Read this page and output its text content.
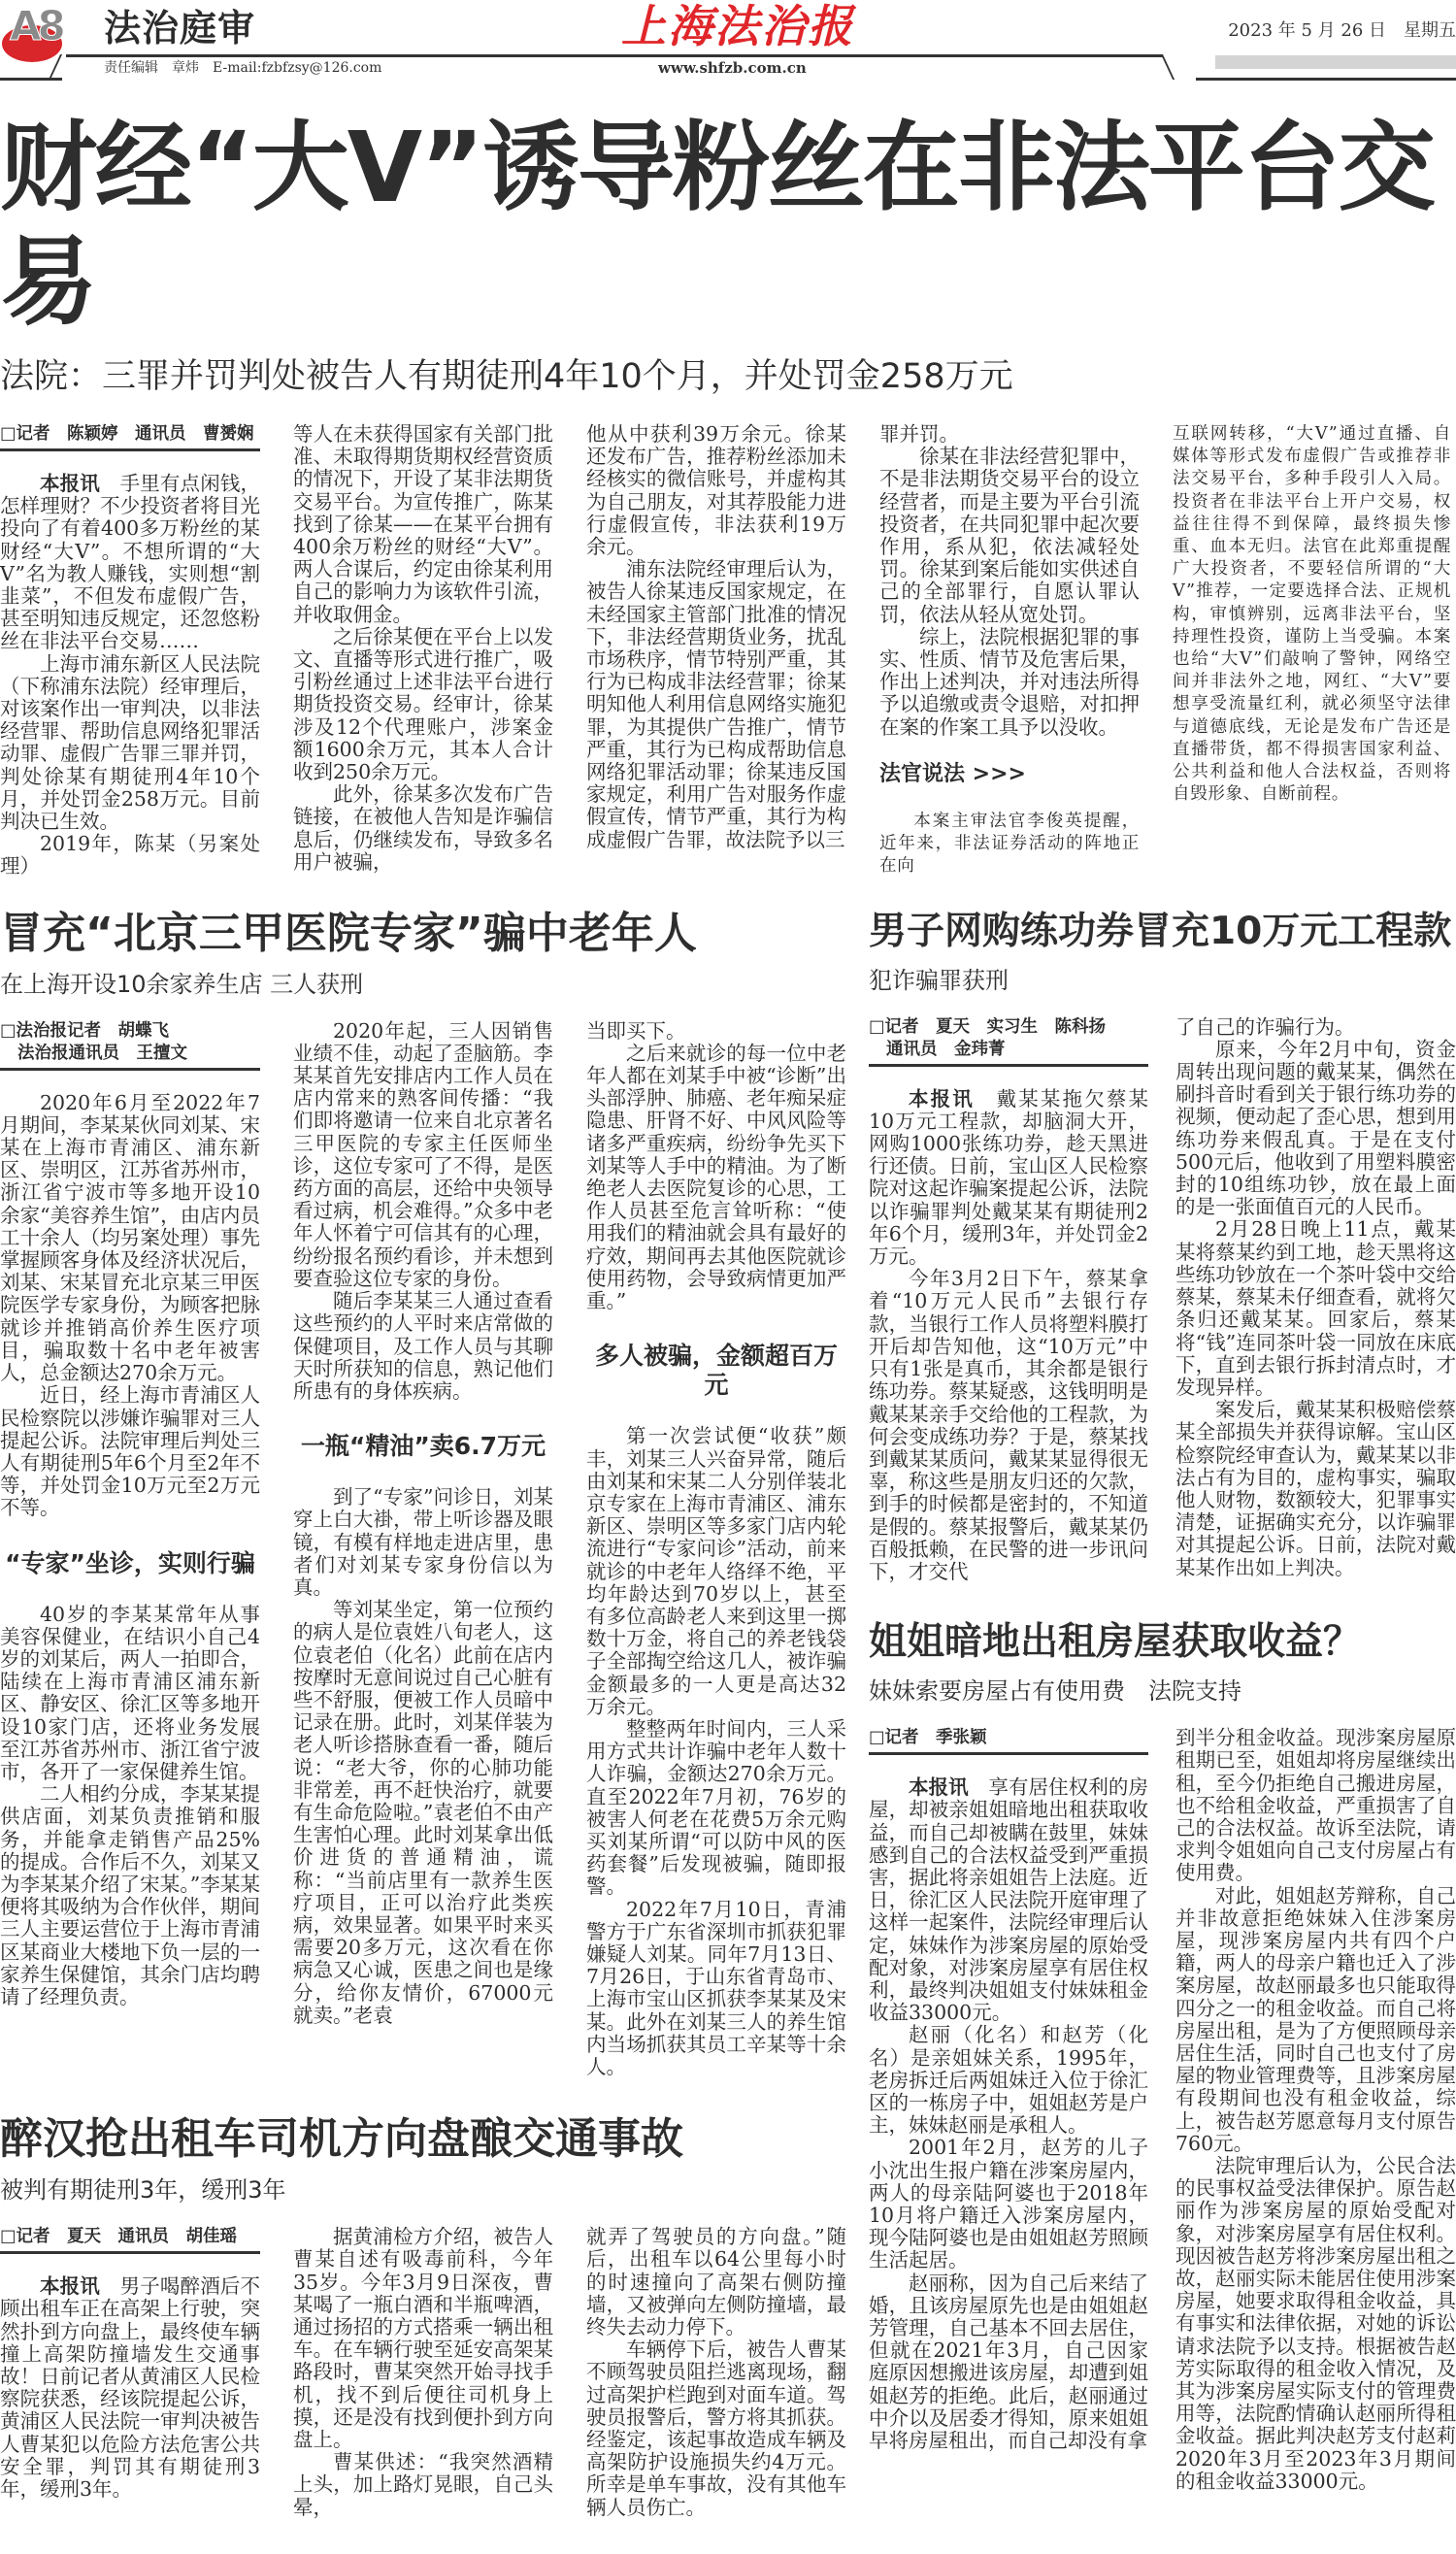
A8 法治庭审	上海法治报	2023 年 5 月 26 日　星期五
责任编辑　章炜　E-mail:fzbfzsy@126.com	www.shfzb.com.cn
财经“大V”诱导粉丝在非法平台交易
法院：三罪并罚判处被告人有期徒刑4年10个月，并处罚金258万元
□记者　陈颖婷　通讯员　曹赟娴

本报讯　手里有点闲钱，怎样理财？不少投资者将目光投向了有着400多万粉丝的某财经“大V”。不想所谓的“大V”名为教人赚钱，实则想“割韭菜”，不但发布虚假广告，甚至明知违反规定，还忽悠粉丝在非法平台交易……

上海市浦东新区人民法院（下称浦东法院）经审理后，对该案作出一审判决，以非法经营罪、帮助信息网络犯罪活动罪、虚假广告罪三罪并罚，判处徐某有期徒刑4年10个月，并处罚金258万元。目前判决已生效。

2019年，陈某（另案处理）

等人在未获得国家有关部门批准、未取得期货期权经营资质的情况下，开设了某非法期货交易平台。为宣传推广，陈某找到了徐某——在某平台拥有400余万粉丝的财经“大V”。两人合谋后，约定由徐某利用自己的影响力为该软件引流，并收取佣金。

之后徐某便在平台上以发文、直播等形式进行推广，吸引粉丝通过上述非法平台进行期货投资交易。经审计，徐某涉及12个代理账户，涉案金额1600余万元，其本人合计收到250余万元。

此外，徐某多次发布广告链接，在被他人告知是诈骗信息后，仍继续发布，导致多名用户被骗，

他从中获利39万余元。徐某还发布广告，推荐粉丝添加未经核实的微信账号，并虚构其为自己朋友，对其荐股能力进行虚假宣传，非法获利19万余元。

浦东法院经审理后认为，被告人徐某违反国家规定，在未经国家主管部门批准的情况下，非法经营期货业务，扰乱市场秩序，情节特别严重，其行为已构成非法经营罪；徐某明知他人利用信息网络实施犯罪，为其提供广告推广，情节严重，其行为已构成帮助信息网络犯罪活动罪；徐某违反国家规定，利用广告对服务作虚假宣传，情节严重，其行为构成虚假广告罪，故法院予以三

罪并罚。

徐某在非法经营犯罪中，不是非法期货交易平台的设立经营者，而是主要为平台引流投资者，在共同犯罪中起次要作用，系从犯，依法减轻处罚。徐某到案后能如实供述自己的全部罪行，自愿认罪认罚，依法从轻从宽处罚。

综上，法院根据犯罪的事实、性质、情节及危害后果，作出上述判决，并对违法所得予以追缴或责令退赔，对扣押在案的作案工具予以没收。

法官说法 >>>

本案主审法官李俊英提醒，近年来，非法证券活动的阵地正在向

互联网转移，“大V”通过直播、自媒体等形式发布虚假广告或推荐非法交易平台，多种手段引人入局。投资者在非法平台上开户交易，权益往往得不到保障，最终损失惨重、血本无归。法官在此郑重提醒广大投资者，不要轻信所谓的“大V”推荐，一定要选择合法、正规机构，审慎辨别，远离非法平台，坚持理性投资，谨防上当受骗。本案也给“大V”们敲响了警钟，网络空间并非法外之地，网红、“大V”要想享受流量红利，就必须坚守法律与道德底线，无论是发布广告还是直播带货，都不得损害国家利益、公共利益和他人合法权益，否则将自毁形象、自断前程。

冒充“北京三甲医院专家”骗中老年人
在上海开设10余家养生店 三人获刑
□法治报记者　胡蝶飞
法治报通讯员　王擅文

2020年6月至2022年7月期间，李某某伙同刘某、宋某在上海市青浦区、浦东新区、崇明区，江苏省苏州市，浙江省宁波市等多地开设10余家“美容养生馆”，由店内员工十余人（均另案处理）事先掌握顾客身体及经济状况后，刘某、宋某冒充北京某三甲医院医学专家身份，为顾客把脉就诊并推销高价养生医疗项目，骗取数十名中老年被害人，总金额达270余万元。

近日，经上海市青浦区人民检察院以涉嫌诈骗罪对三人提起公诉。法院审理后判处三人有期徒刑5年6个月至2年不等，并处罚金10万元至2万元不等。

“专家”坐诊，实则行骗

40岁的李某某常年从事美容保健业，在结识小自己4岁的刘某后，两人一拍即合，陆续在上海市青浦区浦东新区、静安区、徐汇区等多地开设10家门店，还将业务发展至江苏省苏州市、浙江省宁波市，各开了一家保健养生馆。

二人相约分成，李某某提供店面，刘某负责推销和服务，并能拿走销售产品25%的提成。合作后不久，刘某又为李某某介绍了宋某。”李某某便将其吸纳为合作伙伴，期间三人主要运营位于上海市青浦区某商业大楼地下负一层的一家养生保健馆，其余门店均聘请了经理负责。

2020年起，三人因销售业绩不佳，动起了歪脑筋。李某某首先安排店内工作人员在店内常来的熟客间传播：“我们即将邀请一位来自北京著名三甲医院的专家主任医师坐诊，这位专家可了不得，是医药方面的高层，还给中央领导看过病，机会难得。”众多中老年人怀着宁可信其有的心理，纷纷报名预约看诊，并未想到要查验这位专家的身份。

随后李某某三人通过查看这些预约的人平时来店常做的保健项目，及工作人员与其聊天时所获知的信息，熟记他们所患有的身体疾病。

一瓶“精油”卖6.7万元

到了“专家”问诊日，刘某穿上白大褂，带上听诊器及眼镜，有模有样地走进店里，患者们对刘某专家身份信以为真。

等刘某坐定，第一位预约的病人是位袁姓八旬老人，这位袁老伯（化名）此前在店内按摩时无意间说过自己心脏有些不舒服，便被工作人员暗中记录在册。此时，刘某佯装为老人听诊搭脉查看一番，随后说：“老大爷，你的心肺功能非常差，再不赶快治疗，就要有生命危险啦。”袁老伯不由产生害怕心理。此时刘某拿出低价进货的普通精油，谎称：“当前店里有一款养生医疗项目，正可以治疗此类疾病，效果显著。如果平时来买需要20多万元，这次看在你病急又心诚，医患之间也是缘分，给你友情价，67000元就卖。”老袁

当即买下。

之后来就诊的每一位中老年人都在刘某手中被“诊断”出头部浮肿、肺癌、老年痴呆症隐患、肝肾不好、中风风险等诸多严重疾病，纷纷争先买下刘某等人手中的精油。为了断绝老人去医院复诊的心思，工作人员甚至危言耸听称：“使用我们的精油就会具有最好的疗效，期间再去其他医院就诊使用药物，会导致病情更加严重。”

多人被骗，金额超百万元

第一次尝试便“收获”颇丰，刘某三人兴奋异常，随后由刘某和宋某二人分别佯装北京专家在上海市青浦区、浦东新区、崇明区等多家门店内轮流进行“专家问诊”活动，前来就诊的中老年人络绎不绝，平均年龄达到70岁以上，甚至有多位高龄老人来到这里一掷数十万金，将自己的养老钱袋子全部掏空给这几人，被诈骗金额最多的一人更是高达32万余元。

整整两年时间内，三人采用方式共计诈骗中老年人数十人诈骗，金额达270余万元。直至2022年7月初，76岁的被害人何老在花费5万余元购买刘某所谓“可以防中风的医药套餐”后发现被骗，随即报警。

2022年7月10日，青浦警方于广东省深圳市抓获犯罪嫌疑人刘某。同年7月13日、7月26日，于山东省青岛市、上海市宝山区抓获李某某及宋某。此外在刘某三人的养生馆内当场抓获其员工辛某等十余人。

醉汉抢出租车司机方向盘酿交通事故
被判有期徒刑3年，缓刑3年
□记者　夏天　通讯员　胡佳瑶

本报讯　男子喝醉酒后不顾出租车正在高架上行驶，突然扑到方向盘上，最终使车辆撞上高架防撞墙发生交通事故！日前记者从黄浦区人民检察院获悉，经该院提起公诉，黄浦区人民法院一审判决被告人曹某犯以危险方法危害公共安全罪，判罚其有期徒刑3年，缓刑3年。

据黄浦检方介绍，被告人曹某自述有吸毒前科，今年35岁。今年3月9日深夜，曹某喝了一瓶白酒和半瓶啤酒，通过扬招的方式搭乘一辆出租车。在车辆行驶至延安高架某路段时，曹某突然开始寻找手机，找不到后便往司机身上摸，还是没有找到便扑到方向盘上。

曹某供述：“我突然酒精上头，加上路灯晃眼，自己头晕，

就弄了驾驶员的方向盘。”随后，出租车以64公里每小时的时速撞向了高架右侧防撞墙，又被弹向左侧防撞墙，最终失去动力停下。

车辆停下后，被告人曹某不顾驾驶员阻拦逃离现场，翻过高架护栏跑到对面车道。驾驶员报警后，警方将其抓获。经鉴定，该起事故造成车辆及高架防护设施损失约4万元。所幸是单车事故，没有其他车辆人员伤亡。

男子网购练功券冒充10万元工程款
犯诈骗罪获刑
□记者　夏天　实习生　陈科扬
通讯员　金玮菁

本报讯　戴某某拖欠蔡某10万元工程款，却脑洞大开，网购1000张练功券，趁天黑进行还债。日前，宝山区人民检察院对这起诈骗案提起公诉，法院以诈骗罪判处戴某某有期徒刑2年6个月，缓刑3年，并处罚金2万元。

今年3月2日下午，蔡某拿着“10万元人民币”去银行存款，当银行工作人员将塑料膜打开后却告知他，这“10万元”中只有1张是真币，其余都是银行练功券。蔡某疑惑，这钱明明是戴某某亲手交给他的工程款，为何会变成练功券？于是，蔡某找到戴某某质问，戴某某显得很无辜，称这些是朋友归还的欠款，到手的时候都是密封的，不知道是假的。蔡某报警后，戴某某仍百般抵赖，在民警的进一步讯问下，才交代

了自己的诈骗行为。

原来，今年2月中旬，资金周转出现问题的戴某某，偶然在刷抖音时看到关于银行练功券的视频，便动起了歪心思，想到用练功券来假乱真。于是在支付500元后，他收到了用塑料膜密封的10组练功钞，放在最上面的是一张面值百元的人民币。

2月28日晚上11点，戴某某将蔡某约到工地，趁天黑将这些练功钞放在一个茶叶袋中交给蔡某，蔡某未仔细查看，就将欠条归还戴某某。回家后，蔡某将“钱”连同茶叶袋一同放在床底下，直到去银行拆封清点时，才发现异样。

案发后，戴某某积极赔偿蔡某全部损失并获得谅解。宝山区检察院经审查认为，戴某某以非法占有为目的，虚构事实，骗取他人财物，数额较大，犯罪事实清楚，证据确实充分，以诈骗罪对其提起公诉。日前，法院对戴某某作出如上判决。

姐姐暗地出租房屋获取收益？
妹妹索要房屋占有使用费　法院支持
□记者　季张颖

本报讯　享有居住权利的房屋，却被亲姐姐暗地出租获取收益，而自己却被瞒在鼓里，妹妹感到自己的合法权益受到严重损害，据此将亲姐姐告上法庭。近日，徐汇区人民法院开庭审理了这样一起案件，法院经审理后认定，妹妹作为涉案房屋的原始受配对象，对涉案房屋享有居住权利，最终判决姐姐支付妹妹租金收益33000元。

赵丽（化名）和赵芳（化名）是亲姐妹关系，1995年，老房拆迁后两姐妹迁入位于徐汇区的一栋房子中，姐姐赵芳是户主，妹妹赵丽是承租人。

2001年2月，赵芳的儿子小沈出生报户籍在涉案房屋内，两人的母亲陆阿婆也于2018年10月将户籍迁入涉案房屋内，现今陆阿婆也是由姐姐赵芳照顾生活起居。

赵丽称，因为自己后来结了婚，且该房屋原先也是由姐姐赵芳管理，自己基本不回去居住，但就在2021年3月，自己因家庭原因想搬进该房屋，却遭到姐姐赵芳的拒绝。此后，赵丽通过中介以及居委才得知，原来姐姐早将房屋租出，而自己却没有拿

到半分租金收益。现涉案房屋原租期已至，姐姐却将房屋继续出租，至今仍拒绝自己搬进房屋，也不给租金收益，严重损害了自己的合法权益。故诉至法院，请求判令姐姐向自己支付房屋占有使用费。

对此，姐姐赵芳辩称，自己并非故意拒绝妹妹入住涉案房屋，现涉案房屋内共有四个户籍，两人的母亲户籍也迁入了涉案房屋，故赵丽最多也只能取得四分之一的租金收益。而自己将房屋出租，是为了方便照顾母亲居住生活，同时自己也支付了房屋的物业管理费等，且涉案房屋有段期间也没有租金收益，综上，被告赵芳愿意每月支付原告760元。

法院审理后认为，公民合法的民事权益受法律保护。原告赵丽作为涉案房屋的原始受配对象，对涉案房屋享有居住权利。现因被告赵芳将涉案房屋出租之故，赵丽实际未能居住使用涉案房屋，她要求取得租金收益，具有事实和法律依据，对她的诉讼请求法院予以支持。根据被告赵芳实际取得的租金收入情况，及其为涉案房屋实际支付的管理费用等，法院酌情确认赵丽所得租金收益。据此判决赵芳支付赵莉2020年3月至2023年3月期间的租金收益33000元。
